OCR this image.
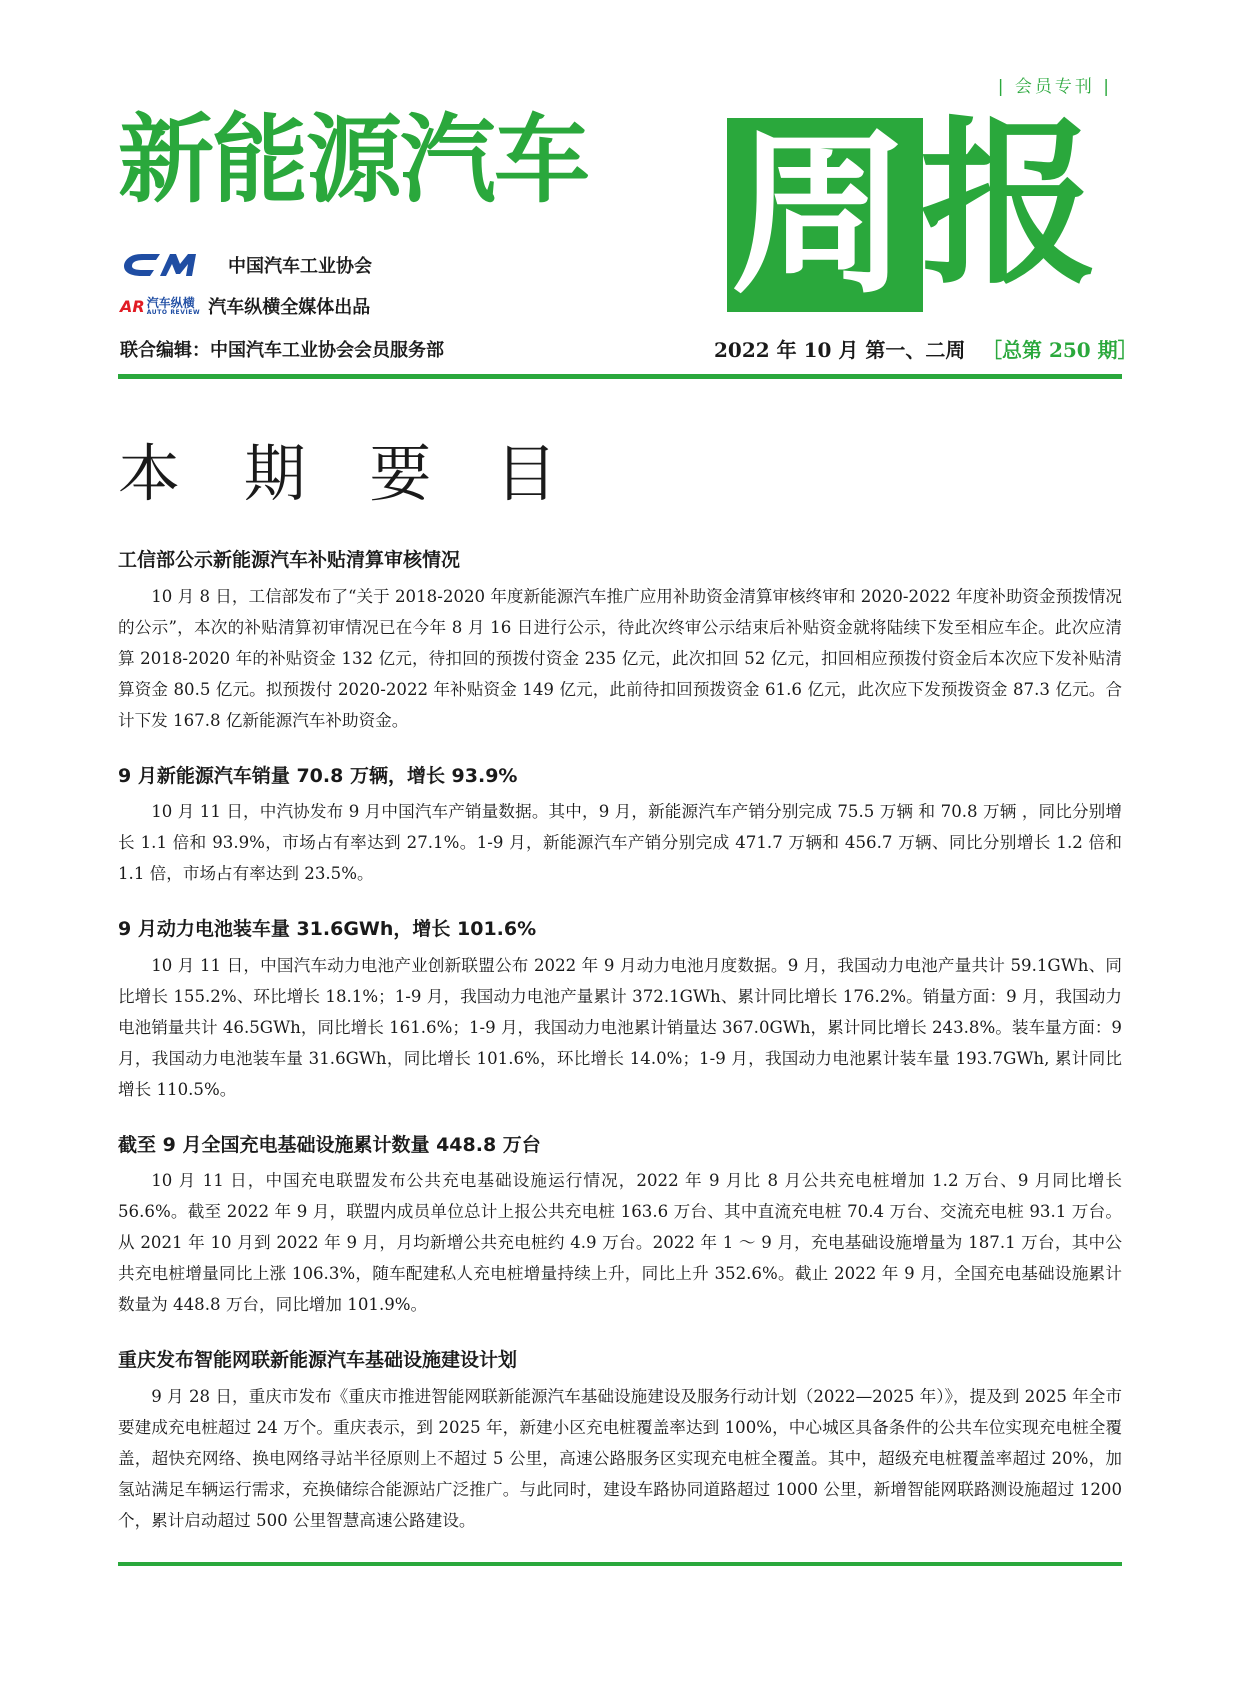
| 会员专刊 |
新能源汽车 周 报
中国汽车工业协会
AR 汽车纵横
AUTO REVIEW 汽车纵横全媒体出品
联合编辑：中国汽车工业协会会员服务部	2022 年 10 月 第一、二周 ［总第 250 期］
本 期 要 目
工信部公示新能源汽车补贴清算审核情况

10 月 8 日，工信部发布了“关于 2018-2020 年度新能源汽车推广应用补助资金清算审核终审和 2020-2022 年度补助资金预拨情况的公示”，本次的补贴清算初审情况已在今年 8 月 16 日进行公示，待此次终审公示结束后补贴资金就将陆续下发至相应车企。此次应清算 2018-2020 年的补贴资金 132 亿元，待扣回的预拨付资金 235 亿元，此次扣回 52 亿元，扣回相应预拨付资金后本次应下发补贴清算资金 80.5 亿元。拟预拨付 2020-2022 年补贴资金 149 亿元，此前待扣回预拨资金 61.6 亿元，此次应下发预拨资金 87.3 亿元。合计下发 167.8 亿新能源汽车补助资金。

9 月新能源汽车销量 70.8 万辆，增长 93.9%

10 月 11 日，中汽协发布 9 月中国汽车产销量数据。其中，9 月，新能源汽车产销分别完成 75.5 万辆 和 70.8 万辆 ，同比分别增长 1.1 倍和 93.9%，市场占有率达到 27.1%。1-9 月，新能源汽车产销分别完成 471.7 万辆和 456.7 万辆、同比分别增长 1.2 倍和 1.1 倍，市场占有率达到 23.5%。

9 月动力电池装车量 31.6GWh，增长 101.6%

10 月 11 日，中国汽车动力电池产业创新联盟公布 2022 年 9 月动力电池月度数据。9 月，我国动力电池产量共计 59.1GWh、同比增长 155.2%、环比增长 18.1%；1-9 月，我国动力电池产量累计 372.1GWh、累计同比增长 176.2%。销量方面：9 月，我国动力电池销量共计 46.5GWh，同比增长 161.6%；1-9 月，我国动力电池累计销量达 367.0GWh，累计同比增长 243.8%。装车量方面：9 月，我国动力电池装车量 31.6GWh，同比增长 101.6%，环比增长 14.0%；1-9 月，我国动力电池累计装车量 193.7GWh, 累计同比增长 110.5%。

截至 9 月全国充电基础设施累计数量 448.8 万台

10 月 11 日，中国充电联盟发布公共充电基础设施运行情况，2022 年 9 月比 8 月公共充电桩增加 1.2 万台、9 月同比增长 56.6%。截至 2022 年 9 月，联盟内成员单位总计上报公共充电桩 163.6 万台、其中直流充电桩 70.4 万台、交流充电桩 93.1 万台。从 2021 年 10 月到 2022 年 9 月，月均新增公共充电桩约 4.9 万台。2022 年 1 ～ 9 月，充电基础设施增量为 187.1 万台，其中公共充电桩增量同比上涨 106.3%，随车配建私人充电桩增量持续上升，同比上升 352.6%。截止 2022 年 9 月，全国充电基础设施累计数量为 448.8 万台，同比增加 101.9%。

重庆发布智能网联新能源汽车基础设施建设计划

9 月 28 日，重庆市发布《重庆市推进智能网联新能源汽车基础设施建设及服务行动计划（2022—2025 年）》，提及到 2025 年全市要建成充电桩超过 24 万个。重庆表示，到 2025 年，新建小区充电桩覆盖率达到 100%，中心城区具备条件的公共车位实现充电桩全覆盖，超快充网络、换电网络寻站半径原则上不超过 5 公里，高速公路服务区实现充电桩全覆盖。其中，超级充电桩覆盖率超过 20%，加氢站满足车辆运行需求，充换储综合能源站广泛推广。与此同时，建设车路协同道路超过 1000 公里，新增智能网联路测设施超过 1200 个，累计启动超过 500 公里智慧高速公路建设。
